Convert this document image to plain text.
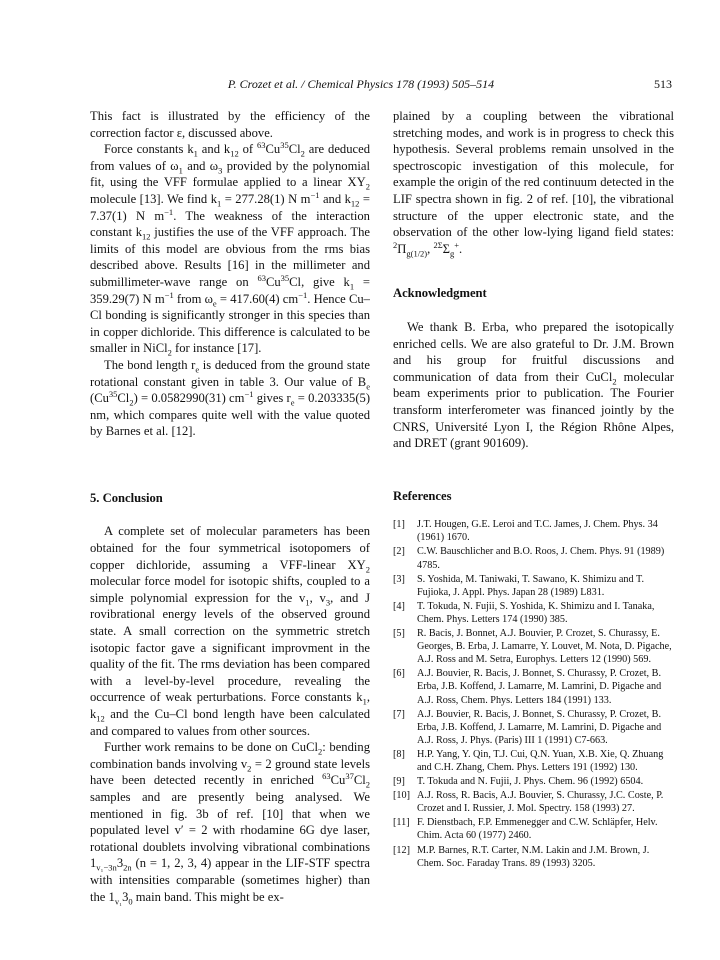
P. Crozet et al. / Chemical Physics 178 (1993) 505–514	513

This fact is illustrated by the efficiency of the correction factor ε, discussed above.

Force constants $k_1$ and $k_{12}$ of $^{63}Cu^{35}Cl_2$ are deduced from values of $\omega_1$ and $\omega_3$ provided by the polynomial fit, using the VFF formulae applied to a linear $XY_2$ molecule [13]. We find $k_1 = 277.28(1)$ N $m^{-1}$ and $k_{12} = 7.37(1)$ N $m^{-1}$. The weakness of the interaction constant $k_{12}$ justifies the use of the VFF approach. The limits of this model are obvious from the rms bias described above. Results [16] in the millimeter and submillimeter-wave range on $^{63}$Cu$^{35}$Cl, give $k_1 = 359.29(7)$ N $m^{-1}$ from $\omega_e = 417.60(4)$ $cm^{-1}$. Hence Cu–Cl bonding is significantly stronger in this species than in copper dichloride. This difference is calculated to be smaller in NiCl$_2$ for instance [17].

The bond length $r_e$ is deduced from the ground state rotational constant given in table 3. Our value of $B_e$ $(Cu^{35}Cl_2) = 0.0582990(31)$ $cm^{-1}$ gives $r_e = 0.203335(5)$ nm, which compares quite well with the value quoted by Barnes et al. [12].

5. Conclusion

A complete set of molecular parameters has been obtained for the four symmetrical isotopomers of copper dichloride, assuming a VFF-linear $XY_2$ molecular force model for isotopic shifts, coupled to a simple polynomial expression for the $v_1$, $v_3$, and J rovibrational energy levels of the observed ground state. A small correction on the symmetric stretch isotopic factor gave a significant improvment in the quality of the fit. The rms deviation has been compared with a level-by-level procedure, revealing the occurrence of weak perturbations. Force constants $k_1$, $k_{12}$ and the Cu–Cl bond length have been calculated and compared to values from other sources.

Further work remains to be done on CuCl$_2$: bending combination bands involving $v_2 = 2$ ground state levels have been detected recently in enriched $^{63}Cu^{37}Cl_2$ samples and are presently being analysed. We mentioned in fig. 3b of ref. [10] that when we populated level v′ = 2 with rhodamine 6G dye laser, rotational doublets involving vibrational combinations $1_{v_1-3n}3_{2n}$ (n = 1, 2, 3, 4) appear in the LIF-STF spectra with intensities comparable (sometimes higher) than the $1_{v_1}3_0$ main band. This might be ex-

plained by a coupling between the vibrational stretching modes, and work is in progress to check this hypothesis. Several problems remain unsolved in the spectroscopic investigation of this molecule, for example the origin of the red continuum detected in the LIF spectra shown in fig. 2 of ref. [10], the vibrational structure of the upper electronic state, and the observation of the other low-lying ligand field states: $^2\Pi_{g(1/2)}$, $^{2\Sigma}\Sigma_g^+$.

Acknowledgment

We thank B. Erba, who prepared the isotopically enriched cells. We are also grateful to Dr. J.M. Brown and his group for fruitful discussions and communication of data from their CuCl$_2$ molecular beam experiments prior to publication. The Fourier transform interferometer was financed jointly by the CNRS, Université Lyon I, the Région Rhône Alpes, and DRET (grant 901609).

References

[1]	J.T. Hougen, G.E. Leroi and T.C. James, J. Chem. Phys. 34 (1961) 1670.
[2]	C.W. Bauschlicher and B.O. Roos, J. Chem. Phys. 91 (1989) 4785.
[3]	S. Yoshida, M. Taniwaki, T. Sawano, K. Shimizu and T. Fujioka, J. Appl. Phys. Japan 28 (1989) L831.
[4]	T. Tokuda, N. Fujii, S. Yoshida, K. Shimizu and I. Tanaka, Chem. Phys. Letters 174 (1990) 385.
[5]	R. Bacis, J. Bonnet, A.J. Bouvier, P. Crozet, S. Churassy, E. Georges, B. Erba, J. Lamarre, Y. Louvet, M. Nota, D. Pigache, A.J. Ross and M. Setra, Europhys. Letters 12 (1990) 569.
[6]	A.J. Bouvier, R. Bacis, J. Bonnet, S. Churassy, P. Crozet, B. Erba, J.B. Koffend, J. Lamarre, M. Lamrini, D. Pigache and A.J. Ross, Chem. Phys. Letters 184 (1991) 133.
[7]	A.J. Bouvier, R. Bacis, J. Bonnet, S. Churassy, P. Crozet, B. Erba, J.B. Koffend, J. Lamarre, M. Lamrini, D. Pigache and A.J. Ross, J. Phys. (Paris) III 1 (1991) C7-663.
[8]	H.P. Yang, Y. Qin, T.J. Cui, Q.N. Yuan, X.B. Xie, Q. Zhuang and C.H. Zhang, Chem. Phys. Letters 191 (1992) 130.
[9]	T. Tokuda and N. Fujii, J. Phys. Chem. 96 (1992) 6504.
[10] A.J. Ross, R. Bacis, A.J. Bouvier, S. Churassy, J.C. Coste, P. Crozet and I. Russier, J. Mol. Spectry. 158 (1993) 27.
[11] F. Dienstbach, F.P. Emmenegger and C.W. Schläpfer, Helv. Chim. Acta 60 (1977) 2460.
[12] M.P. Barnes, R.T. Carter, N.M. Lakin and J.M. Brown, J. Chem. Soc. Faraday Trans. 89 (1993) 3205.
